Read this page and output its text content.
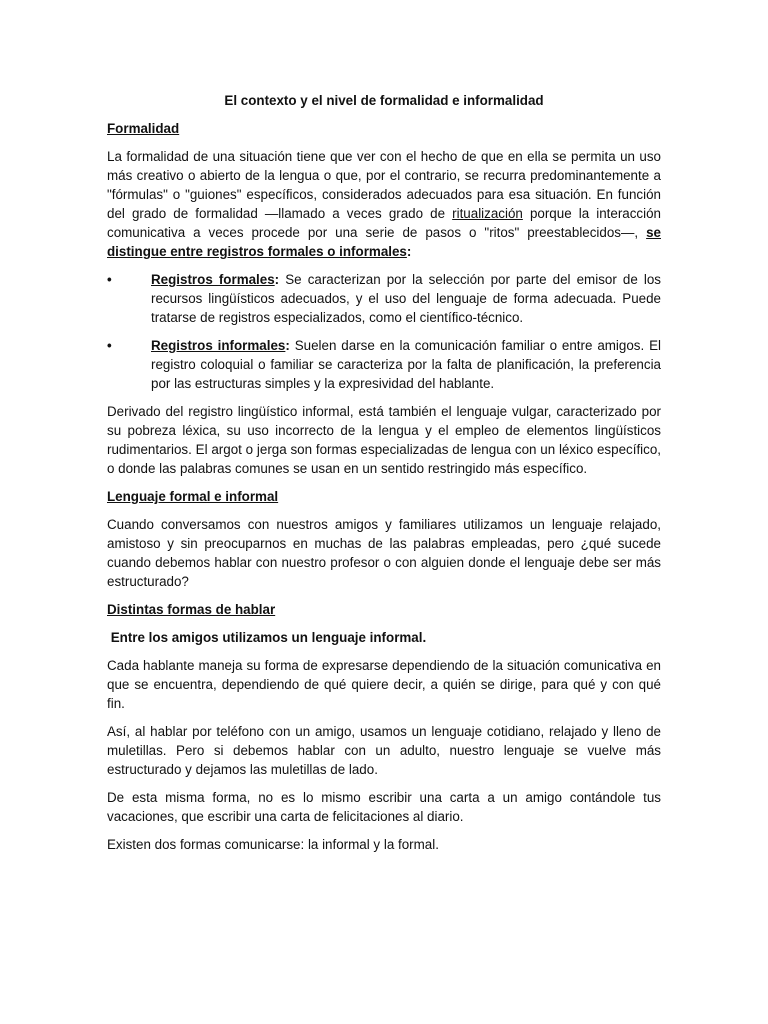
El contexto y el nivel de formalidad e informalidad
Formalidad

La formalidad de una situación tiene que ver con el hecho de que en ella se permita un uso más creativo o abierto de la lengua o que, por el contrario, se recurra predominantemente a "fórmulas" o "guiones" específicos, considerados adecuados para esa situación. En función del grado de formalidad —llamado a veces grado de ritualización porque la interacción comunicativa a veces procede por una serie de pasos o "ritos" preestablecidos—, se distingue entre registros formales o informales:

•	Registros formales: Se caracterizan por la selección por parte del emisor de los recursos lingüísticos adecuados, y el uso del lenguaje de forma adecuada. Puede tratarse de registros especializados, como el científico-técnico.

•	Registros informales: Suelen darse en la comunicación familiar o entre amigos. El registro coloquial o familiar se caracteriza por la falta de planificación, la preferencia por las estructuras simples y la expresividad del hablante.

Derivado del registro lingüístico informal, está también el lenguaje vulgar, caracterizado por su pobreza léxica, su uso incorrecto de la lengua y el empleo de elementos lingüísticos rudimentarios. El argot o jerga son formas especializadas de lengua con un léxico específico, o donde las palabras comunes se usan en un sentido restringido más específico.

Lenguaje formal e informal

Cuando conversamos con nuestros amigos y familiares utilizamos un lenguaje relajado, amistoso y sin preocuparnos en muchas de las palabras empleadas, pero ¿qué sucede cuando debemos hablar con nuestro profesor o con alguien donde el lenguaje debe ser más estructurado?

Distintas formas de hablar
Entre los amigos utilizamos un lenguaje informal.

Cada hablante maneja su forma de expresarse dependiendo de la situación comunicativa en que se encuentra, dependiendo de qué quiere decir, a quién se dirige, para qué y con qué fin.

Así, al hablar por teléfono con un amigo, usamos un lenguaje cotidiano, relajado y lleno de muletillas. Pero si debemos hablar con un adulto, nuestro lenguaje se vuelve más estructurado y dejamos las muletillas de lado.

De esta misma forma, no es lo mismo escribir una carta a un amigo contándole tus vacaciones, que escribir una carta de felicitaciones al diario.

Existen dos formas comunicarse: la informal y la formal.
